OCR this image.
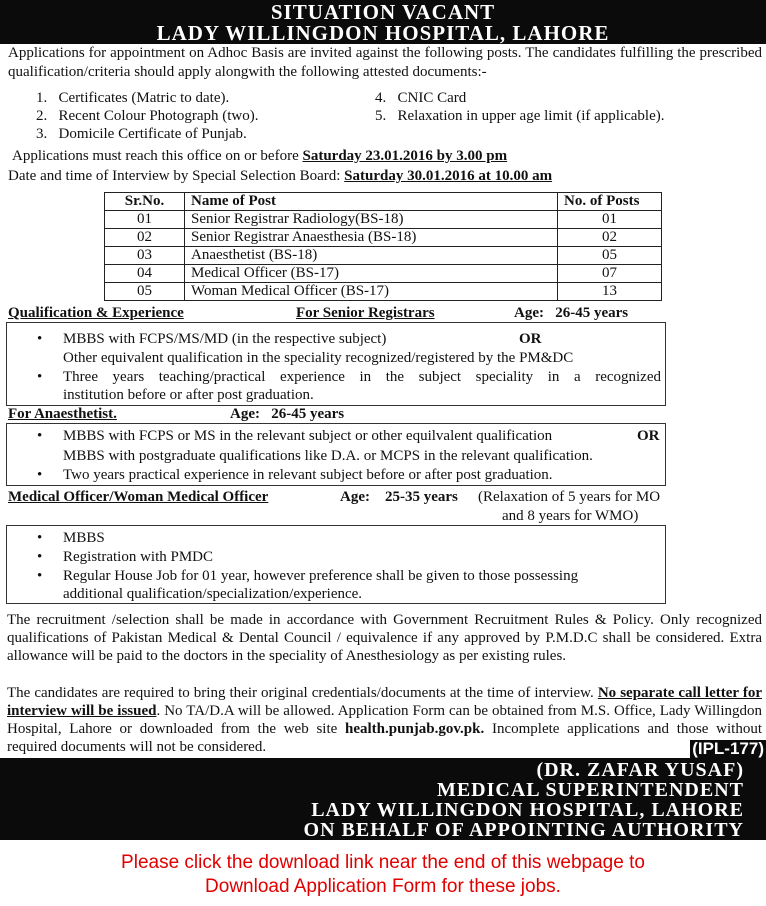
SITUATION VACANT
LADY WILLINGDON HOSPITAL, LAHORE
Applications for appointment on Adhoc Basis are invited against the following posts. The candidates fulfilling the prescribed qualification/criteria should apply alongwith the following attested documents:-
1. Certificates (Matric to date).
2. Recent Colour Photograph (two).
3. Domicile Certificate of Punjab.
4. CNIC Card
5. Relaxation in upper age limit (if applicable).
Applications must reach this office on or before Saturday 23.01.2016 by 3.00 pm
Date and time of Interview by Special Selection Board: Saturday 30.01.2016 at 10.00 am
Sr.No.	Name of Post	No. of Posts
01	Senior Registrar Radiology(BS-18)	01
02	Senior Registrar Anaesthesia (BS-18)	02
03	Anaesthetist (BS-18)	05
04	Medical Officer (BS-17)	07
05	Woman Medical Officer (BS-17)	13
Qualification & Experience	For Senior Registrars	Age: 26-45 years
• MBBS with FCPS/MS/MD (in the respective subject)	OR
Other equivalent qualification in the speciality recognized/registered by the PM&DC
• Three years teaching/practical experience in the subject speciality in a recognized
institution before or after post graduation.
For Anaesthetist.	Age: 26-45 years
• MBBS with FCPS or MS in the relevant subject or other equilvalent qualification	OR
MBBS with postgraduate qualifications like D.A. or MCPS in the relevant qualification.
• Two years practical experience in relevant subject before or after post graduation.
Medical Officer/Woman Medical Officer	Age: 25-35 years (Relaxation of 5 years for MO
and 8 years for WMO)
• MBBS
• Registration with PMDC
• Regular House Job for 01 year, however preference shall be given to those possessing
additional qualification/specialization/experience.
The recruitment /selection shall be made in accordance with Government Recruitment Rules & Policy. Only recognized qualifications of Pakistan Medical & Dental Council / equivalence if any approved by P.M.D.C shall be considered. Extra allowance will be paid to the doctors in the speciality of Anesthesiology as per existing rules.
The candidates are required to bring their original credentials/documents at the time of interview. No separate call letter for interview will be issued. No TA/D.A will be allowed. Application Form can be obtained from M.S. Office, Lady Willingdon Hospital, Lahore or downloaded from the web site health.punjab.gov.pk. Incomplete applications and those without required documents will not be considered.	(IPL-177)
(DR. ZAFAR YUSAF)
MEDICAL SUPERINTENDENT
LADY WILLINGDON HOSPITAL, LAHORE
ON BEHALF OF APPOINTING AUTHORITY
Please click the download link near the end of this webpage to
Download Application Form for these jobs.
